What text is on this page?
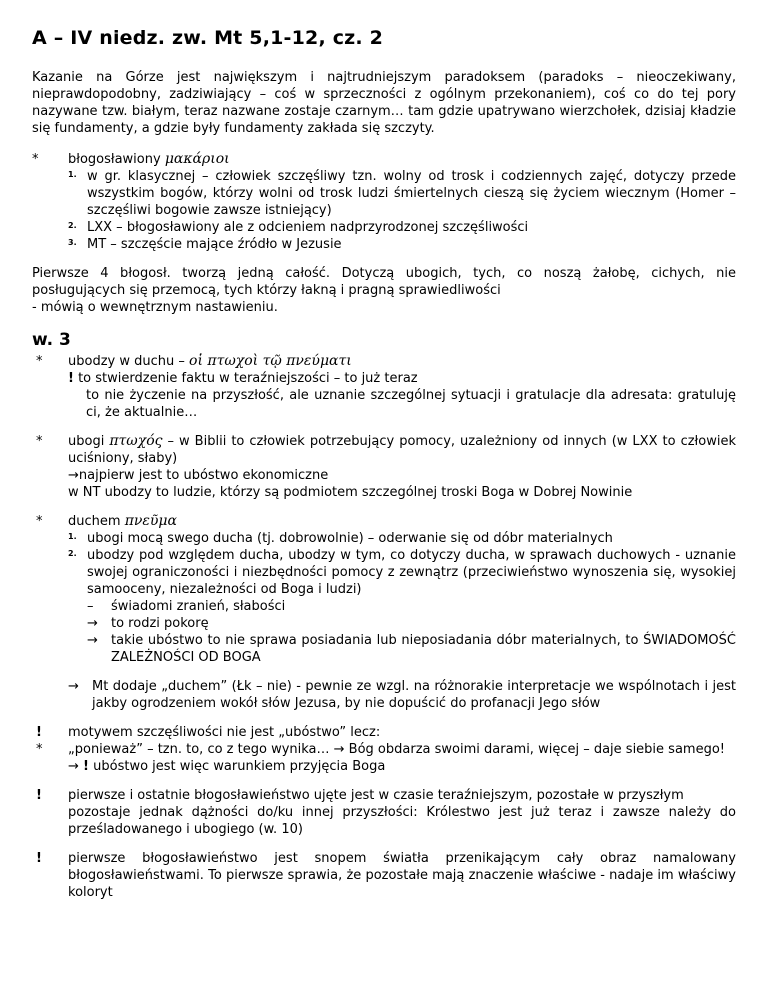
A – IV niedz. zw. Mt 5,1-12, cz. 2

Kazanie na Górze jest największym i najtrudniejszym paradoksem (paradoks – nieoczekiwany, nieprawdopodobny, zadziwiający – coś w sprzeczności z ogólnym przekonaniem), coś co do tej pory nazywane tzw. białym, teraz nazwane zostaje czarnym… tam gdzie upatrywano wierzchołek, dzisiaj kładzie się fundamenty, a gdzie były fundamenty zakłada się szczyty.

*	błogosławiony μακάριοι
1. w gr. klasycznej – człowiek szczęśliwy tzn. wolny od trosk i codziennych zajęć, dotyczy przede wszystkim bogów, którzy wolni od trosk ludzi śmiertelnych cieszą się życiem wiecznym (Homer – szczęśliwi bogowie zawsze istniejący)
2. LXX – błogosławiony ale z odcieniem nadprzyrodzonej szczęśliwości
3. MT – szczęście mające źródło w Jezusie

Pierwsze 4 błogosł. tworzą jedną całość. Dotyczą ubogich, tych, co noszą żałobę, cichych, nie posługujących się przemocą, tych którzy łakną i pragną sprawiedliwości

- mówią o wewnętrznym nastawieniu.

w. 3
*	ubodzy w duchu – οἱ πτωχοὶ τῷ πνεύματι
! to stwierdzenie faktu w teraźniejszości – to już teraz
to nie życzenie na przyszłość, ale uznanie szczególnej sytuacji i gratulacje dla adresata: gratuluję ci, że aktualnie…
*	ubogi πτωχός – w Biblii to człowiek potrzebujący pomocy, uzależniony od innych (w LXX to człowiek uciśniony, słaby)
→najpierw jest to ubóstwo ekonomiczne
w NT ubodzy to ludzie, którzy są podmiotem szczególnej troski Boga w Dobrej Nowinie
*	duchem πνεῦμα
1. ubogi mocą swego ducha (tj. dobrowolnie) – oderwanie się od dóbr materialnych
2. ubodzy pod względem ducha, ubodzy w tym, co dotyczy ducha, w sprawach duchowych - uznanie swojej ograniczoności i niezbędności pomocy z zewnątrz (przeciwieństwo wynoszenia się, wysokiej samooceny, niezależności od Boga i ludzi)
–	świadomi zranień, słabości
→	to rodzi pokorę
→	takie ubóstwo to nie sprawa posiadania lub nieposiadania dóbr materialnych, to ŚWIADOMOŚĆ ZALEŻNOŚCI OD BOGA
→	Mt dodaje „duchem” (Łk – nie) - pewnie ze wzgl. na różnorakie interpretacje we wspólnotach i jest jakby ogrodzeniem wokół słów Jezusa, by nie dopuścić do profanacji Jego słów
!
*
motywem szczęśliwości nie jest „ubóstwo” lecz:
„ponieważ” – tzn. to, co z tego wynika… → Bóg obdarza swoimi darami, więcej – daje siebie samego!
→ ! ubóstwo jest więc warunkiem przyjęcia Boga
!	pierwsze i ostatnie błogosławieństwo ujęte jest w czasie teraźniejszym, pozostałe w przyszłym
pozostaje jednak dążności do/ku innej przyszłości: Królestwo jest już teraz i zawsze należy do prześladowanego i ubogiego (w. 10)
!	pierwsze błogosławieństwo jest snopem światła przenikającym cały obraz namalowany błogosławieństwami. To pierwsze sprawia, że pozostałe mają znaczenie właściwe - nadaje im właściwy koloryt
